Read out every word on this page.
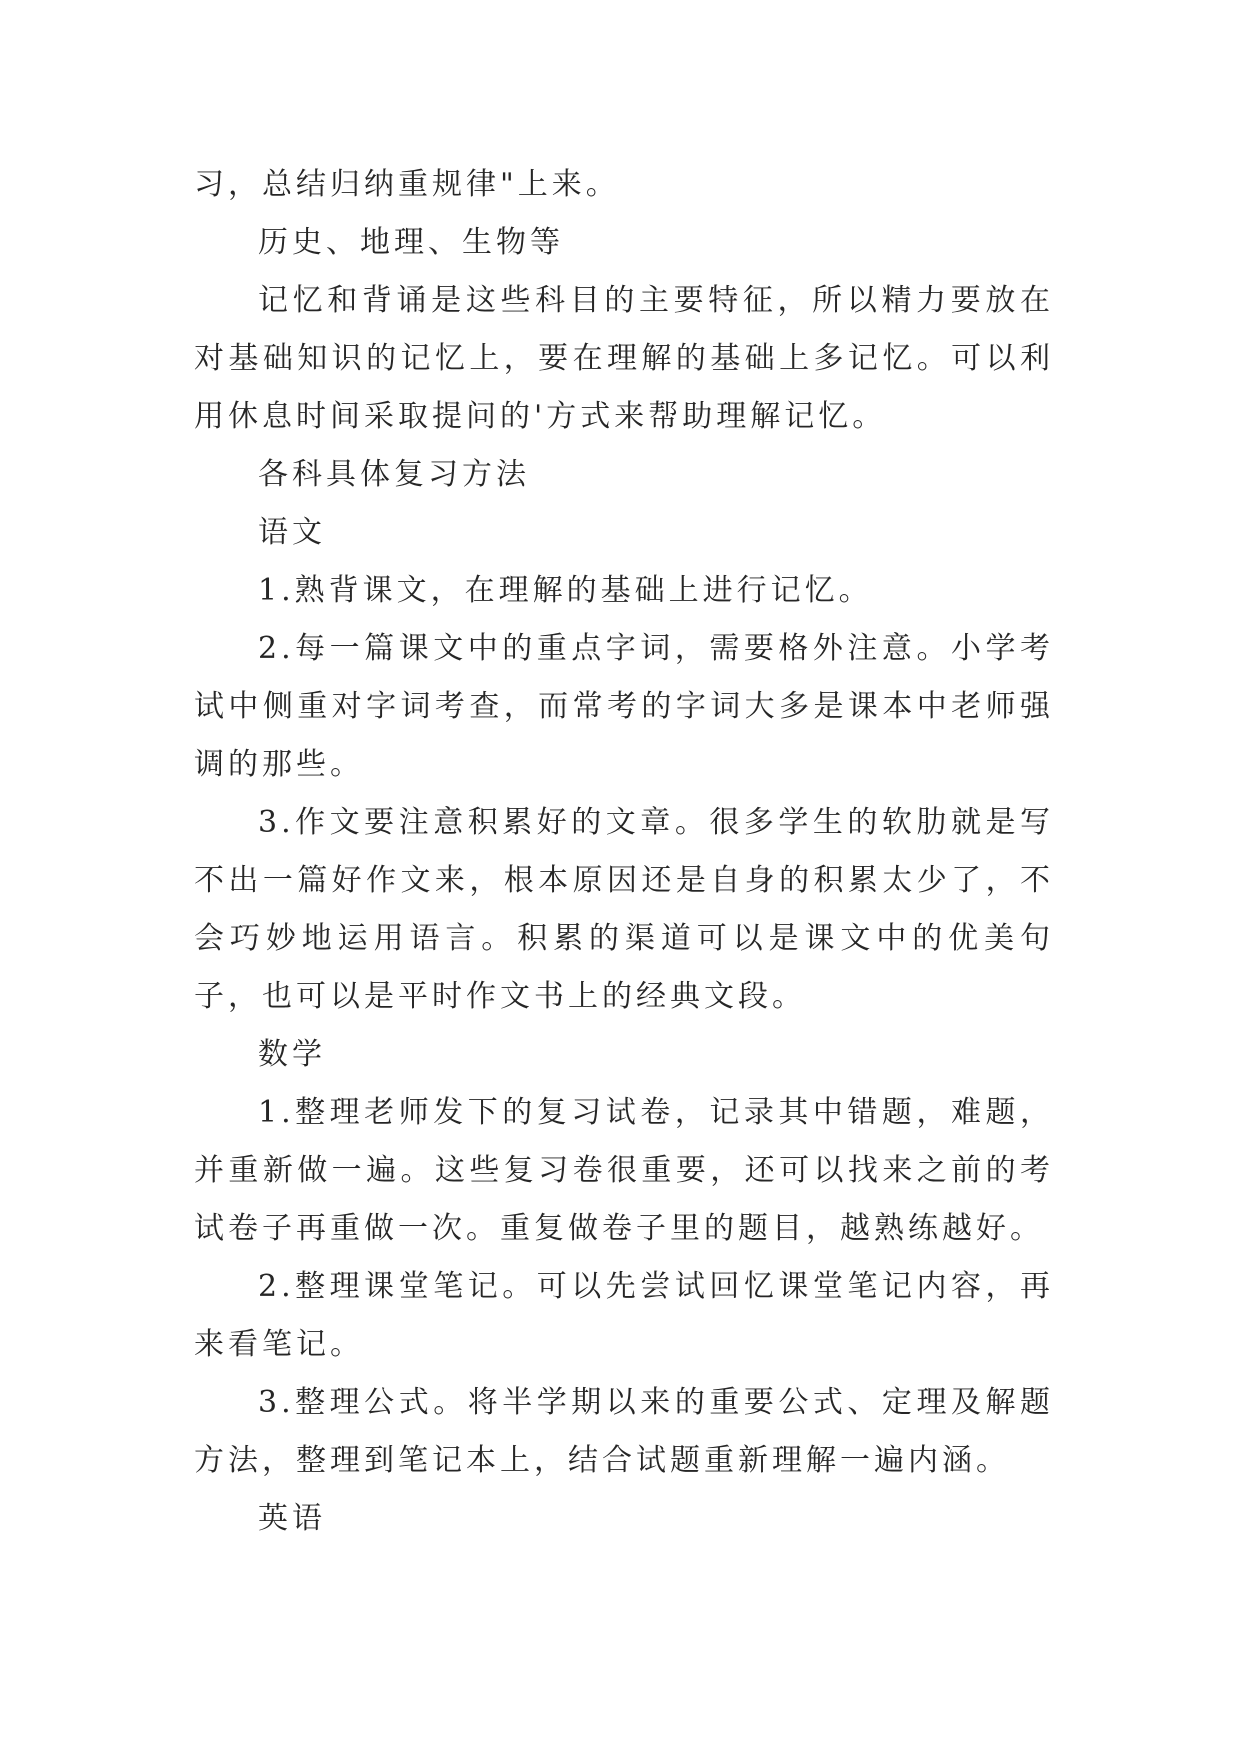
习，总结归纳重规律"上来。

历史、地理、生物等

记忆和背诵是这些科目的主要特征，所以精力要放在对基础知识的记忆上，要在理解的基础上多记忆。可以利用休息时间采取提问的'方式来帮助理解记忆。

各科具体复习方法

语文

1.熟背课文，在理解的基础上进行记忆。

2.每一篇课文中的重点字词，需要格外注意。小学考试中侧重对字词考查，而常考的字词大多是课本中老师强调的那些。

3.作文要注意积累好的文章。很多学生的软肋就是写不出一篇好作文来，根本原因还是自身的积累太少了，不会巧妙地运用语言。积累的渠道可以是课文中的优美句子，也可以是平时作文书上的经典文段。

数学

1.整理老师发下的复习试卷，记录其中错题，难题，并重新做一遍。这些复习卷很重要，还可以找来之前的考试卷子再重做一次。重复做卷子里的题目，越熟练越好。

2.整理课堂笔记。可以先尝试回忆课堂笔记内容，再来看笔记。

3.整理公式。将半学期以来的重要公式、定理及解题方法，整理到笔记本上，结合试题重新理解一遍内涵。

英语
